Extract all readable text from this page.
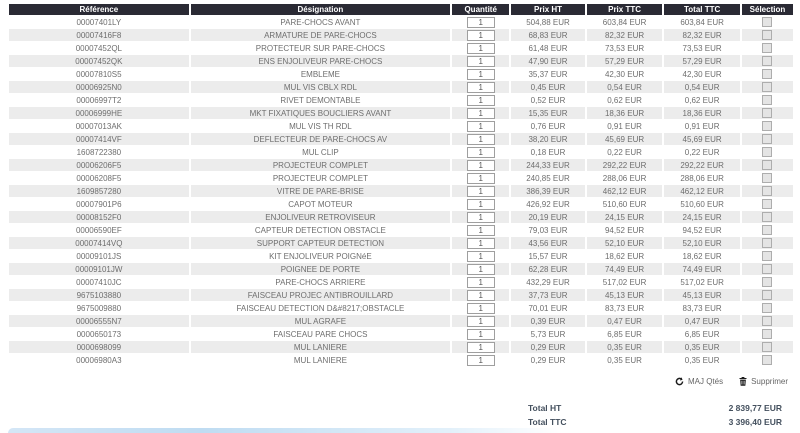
Référence	Désignation	Quantité	Prix HT	Prix TTC	Total TTC	Sélection
00007401LY	PARE-CHOCS AVANT	1	504,88 EUR	603,84 EUR	603,84 EUR	
00007416F8	ARMATURE DE PARE-CHOCS	1	68,83 EUR	82,32 EUR	82,32 EUR	
00007452QL	PROTECTEUR SUR PARE-CHOCS	1	61,48 EUR	73,53 EUR	73,53 EUR	
00007452QK	ENS ENJOLIVEUR PARE-CHOCS	1	47,90 EUR	57,29 EUR	57,29 EUR	
00007810S5	EMBLEME	1	35,37 EUR	42,30 EUR	42,30 EUR	
00006925N0	MUL VIS CBLX RDL	1	0,45 EUR	0,54 EUR	0,54 EUR	
00006997T2	RIVET DEMONTABLE	1	0,52 EUR	0,62 EUR	0,62 EUR	
00006999HE	MKT FIXATIQUES BOUCLIERS AVANT	1	15,35 EUR	18,36 EUR	18,36 EUR	
00007013AK	MUL VIS TH RDL	1	0,76 EUR	0,91 EUR	0,91 EUR	
00007414VF	DEFLECTEUR DE PARE-CHOCS AV	1	38,20 EUR	45,69 EUR	45,69 EUR	
1608722380	MUL CLIP	1	0,18 EUR	0,22 EUR	0,22 EUR	
00006206F5	PROJECTEUR COMPLET	1	244,33 EUR	292,22 EUR	292,22 EUR	
00006208F5	PROJECTEUR COMPLET	1	240,85 EUR	288,06 EUR	288,06 EUR	
1609857280	VITRE DE PARE-BRISE	1	386,39 EUR	462,12 EUR	462,12 EUR	
00007901P6	CAPOT MOTEUR	1	426,92 EUR	510,60 EUR	510,60 EUR	
00008152F0	ENJOLIVEUR RETROVISEUR	1	20,19 EUR	24,15 EUR	24,15 EUR	
00006590EF	CAPTEUR DETECTION OBSTACLE	1	79,03 EUR	94,52 EUR	94,52 EUR	
00007414VQ	SUPPORT CAPTEUR DETECTION	1	43,56 EUR	52,10 EUR	52,10 EUR	
00009101JS	KIT ENJOLIVEUR POIGNéE	1	15,57 EUR	18,62 EUR	18,62 EUR	
00009101JW	POIGNEE DE PORTE	1	62,28 EUR	74,49 EUR	74,49 EUR	
00007410JC	PARE-CHOCS ARRIERE	1	432,29 EUR	517,02 EUR	517,02 EUR	
9675103880	FAISCEAU PROJEC ANTIBROUILLARD	1	37,73 EUR	45,13 EUR	45,13 EUR	
9675009880	FAISCEAU DETECTION D&#8217;OBSTACLE	1	70,01 EUR	83,73 EUR	83,73 EUR	
00006555N7	MUL AGRAFE	1	0,39 EUR	0,47 EUR	0,47 EUR	
0000650173	FAISCEAU PARE CHOCS	1	5,73 EUR	6,85 EUR	6,85 EUR	
0000698099	MUL LANIERE	1	0,29 EUR	0,35 EUR	0,35 EUR	
00006980A3	MUL LANIERE	1	0,29 EUR	0,35 EUR	0,35 EUR	
MAJ Qtés	Supprimer
Total HT	2 839,77 EUR
Total TTC	3 396,40 EUR
